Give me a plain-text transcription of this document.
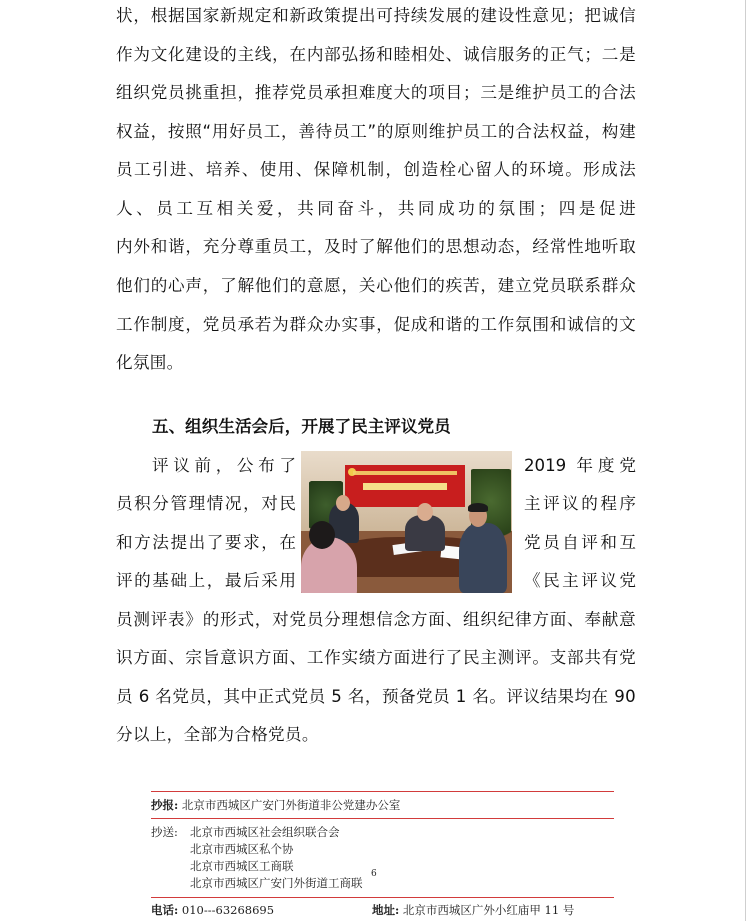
状，根据国家新规定和新政策提出可持续发展的建设性意见；把诚信
作为文化建设的主线，在内部弘扬和睦相处、诚信服务的正气；二是
组织党员挑重担，推荐党员承担难度大的项目；三是维护员工的合法
权益，按照“用好员工，善待员工”的原则维护员工的合法权益，构建
员工引进、培养、使用、保障机制，创造栓心留人的环境。形成法
人、员工互相关爱，共同奋斗，共同成功的氛围；四是促进
内外和谐，充分尊重员工，及时了解他们的思想动态，经常性地听取
他们的心声，了解他们的意愿，关心他们的疾苦，建立党员联系群众
工作制度，党员承若为群众办实事，促成和谐的工作氛围和诚信的文
化氛围。
五、组织生活会后，开展了民主评议党员
评议前，公布了
员积分管理情况，对民
和方法提出了要求，在
评的基础上，最后采用
2019 年度党
主评议的程序
党员自评和互
《民主评议党
员测评表》的形式，对党员分理想信念方面、组织纪律方面、奉献意
识方面、宗旨意识方面、工作实绩方面进行了民主测评。支部共有党
员 6 名党员，其中正式党员 5 名，预备党员 1 名。评议结果均在 90
分以上，全部为合格党员。
抄报: 北京市西城区广安门外街道非公党建办公室
抄送: 北京市西城区社会组织联合会
北京市西城区私个协
北京市西城区工商联
北京市西城区广安门外街道工商联
6
电话: 010---63268695	地址: 北京市西城区广外小红庙甲 11 号
